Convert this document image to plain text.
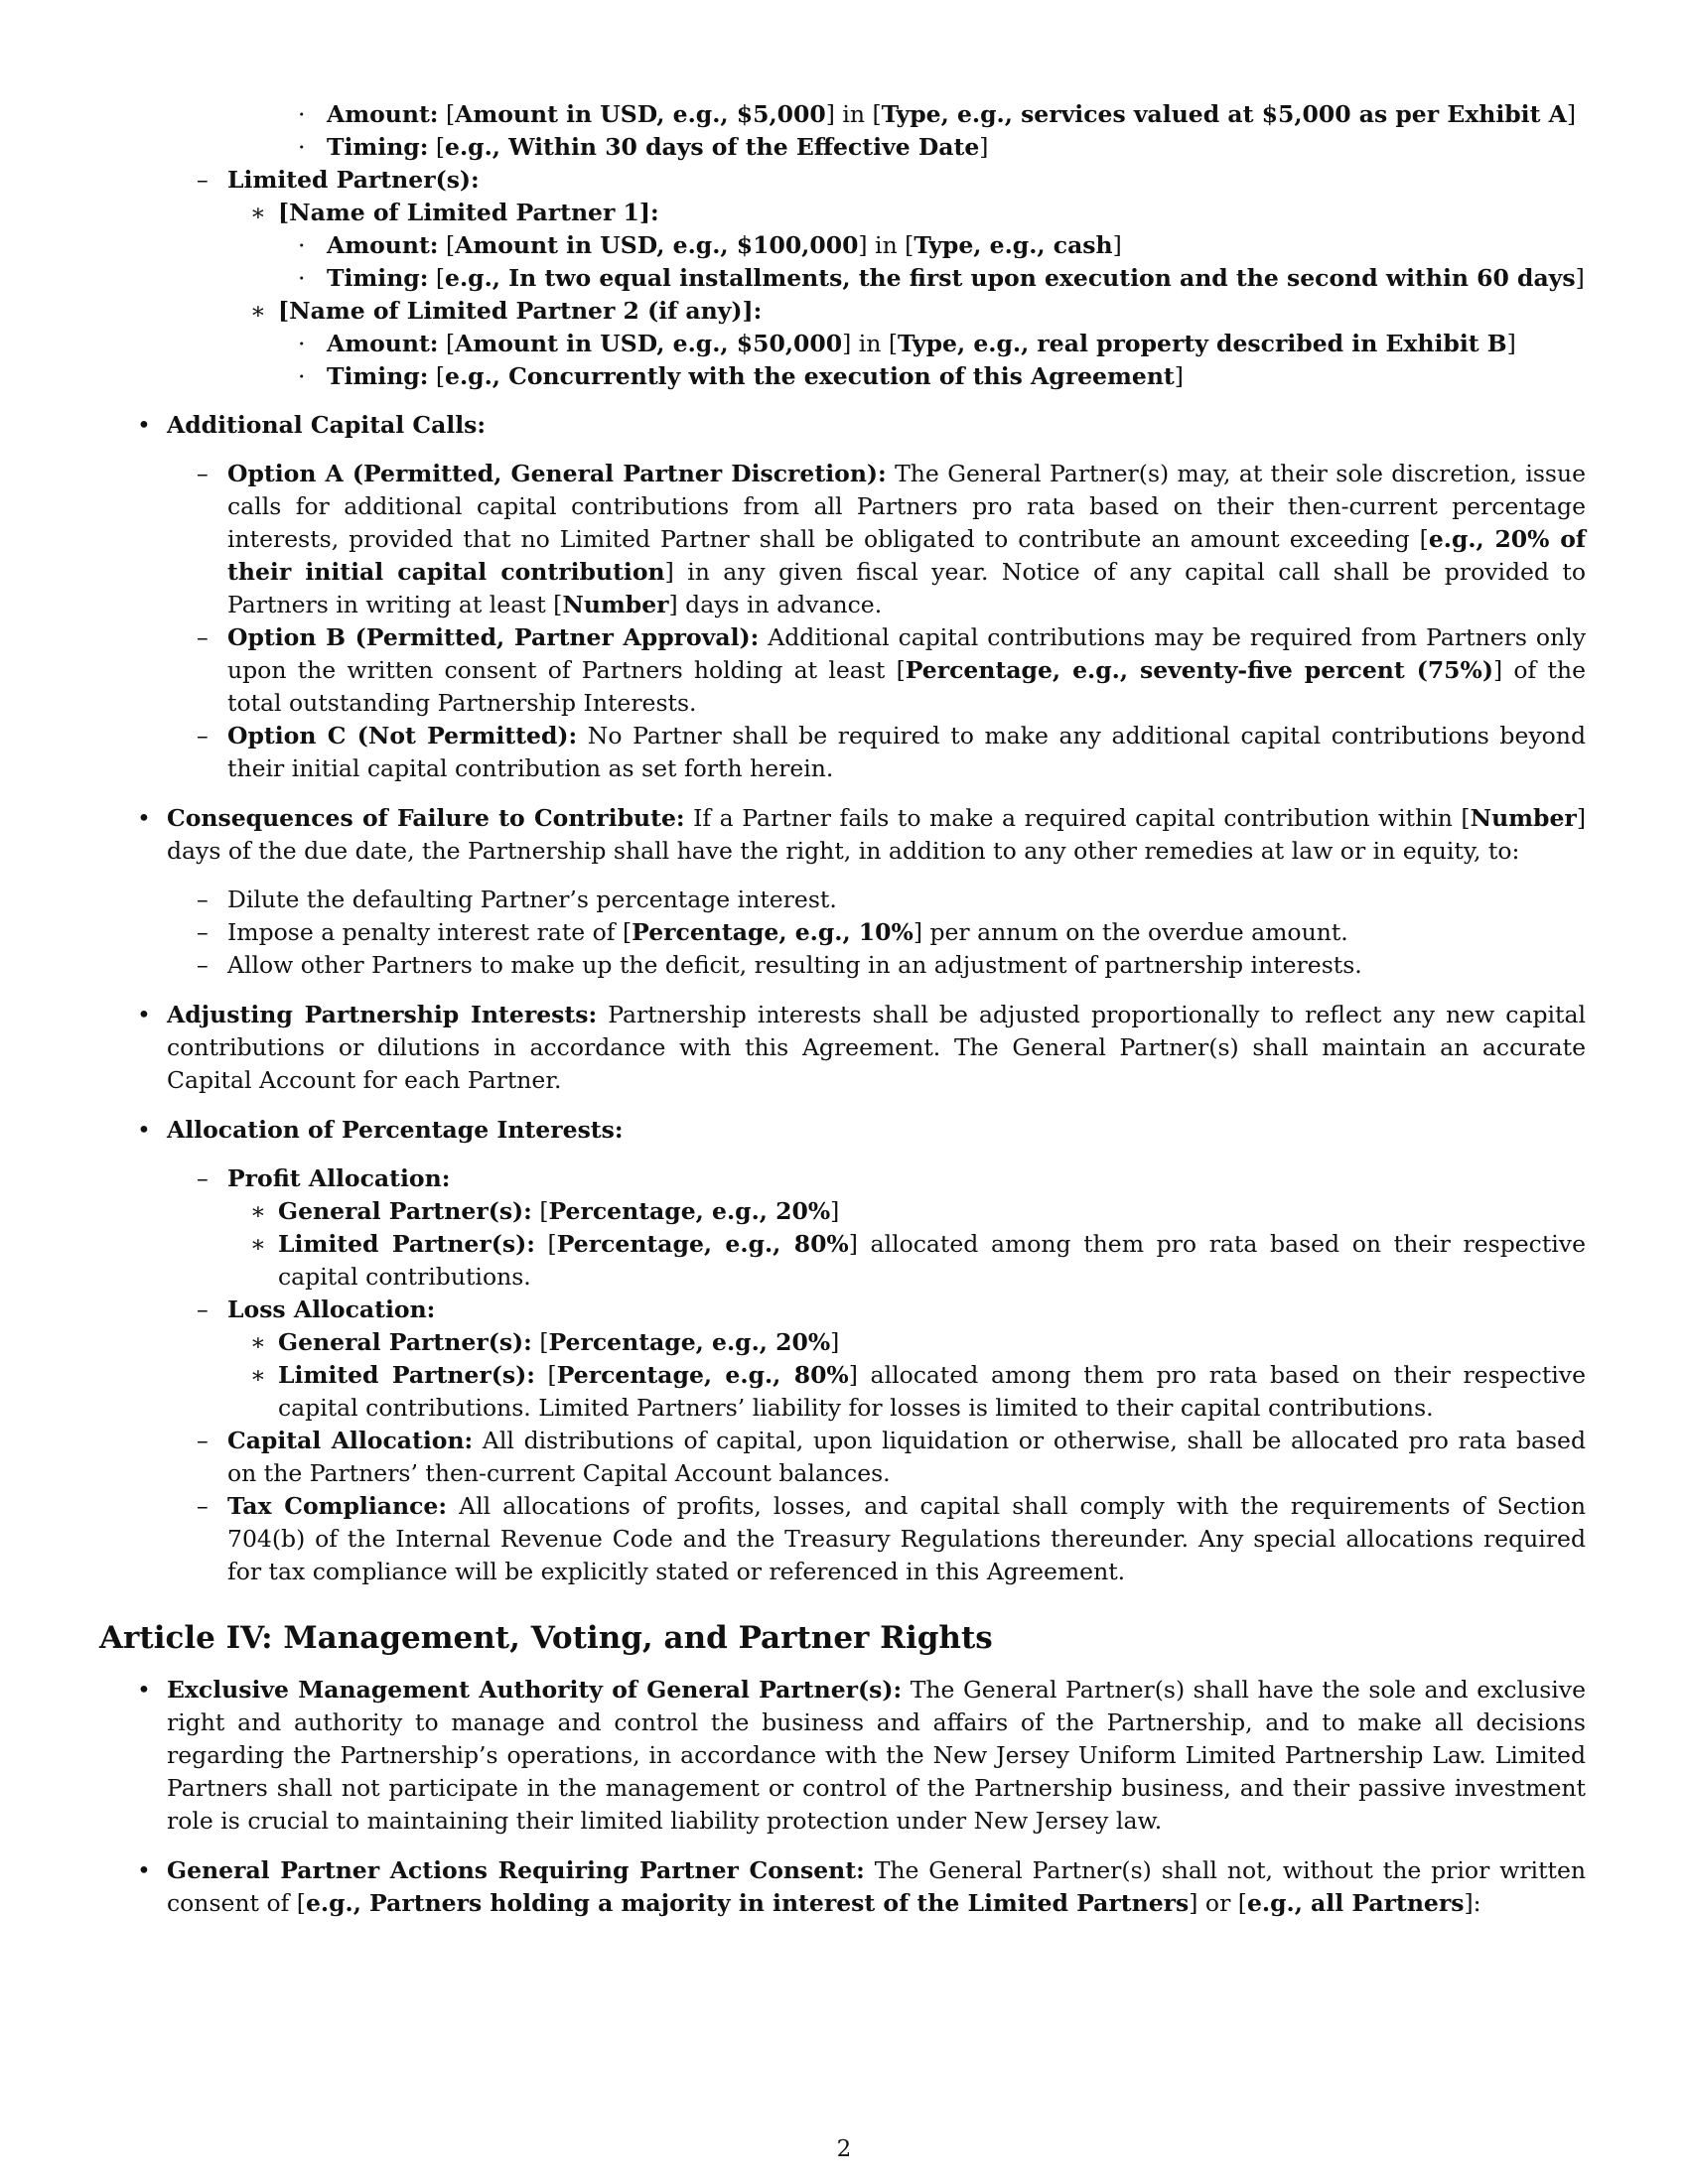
· Amount: [Amount in USD, e.g., $5,000] in [Type, e.g., services valued at $5,000 as per Exhibit A]
· Timing: [e.g., Within 30 days of the Effective Date]
– Limited Partner(s):
∗ [Name of Limited Partner 1]:
· Amount: [Amount in USD, e.g., $100,000] in [Type, e.g., cash]
· Timing: [e.g., In two equal installments, the first upon execution and the second within 60 days]
∗ [Name of Limited Partner 2 (if any)]:
· Amount: [Amount in USD, e.g., $50,000] in [Type, e.g., real property described in Exhibit B]
· Timing: [e.g., Concurrently with the execution of this Agreement]
• Additional Capital Calls:
– Option A (Permitted, General Partner Discretion): The General Partner(s) may, at their sole discretion, issue calls for additional capital contributions from all Partners pro rata based on their then-current percentage interests, provided that no Limited Partner shall be obligated to contribute an amount exceeding [e.g., 20% of their initial capital contribution] in any given fiscal year. Notice of any capital call shall be provided to Partners in writing at least [Number] days in advance.
– Option B (Permitted, Partner Approval): Additional capital contributions may be required from Partners only upon the written consent of Partners holding at least [Percentage, e.g., seventy-five percent (75%)] of the total outstanding Partnership Interests.
– Option C (Not Permitted): No Partner shall be required to make any additional capital contributions beyond their initial capital contribution as set forth herein.
• Consequences of Failure to Contribute: If a Partner fails to make a required capital contribution within [Number] days of the due date, the Partnership shall have the right, in addition to any other remedies at law or in equity, to:
– Dilute the defaulting Partner’s percentage interest.
– Impose a penalty interest rate of [Percentage, e.g., 10%] per annum on the overdue amount.
– Allow other Partners to make up the deficit, resulting in an adjustment of partnership interests.
• Adjusting Partnership Interests: Partnership interests shall be adjusted proportionally to reflect any new capital contributions or dilutions in accordance with this Agreement. The General Partner(s) shall maintain an accurate Capital Account for each Partner.
• Allocation of Percentage Interests:
– Profit Allocation:
∗ General Partner(s): [Percentage, e.g., 20%]
∗ Limited Partner(s): [Percentage, e.g., 80%] allocated among them pro rata based on their respective capital contributions.
– Loss Allocation:
∗ General Partner(s): [Percentage, e.g., 20%]
∗ Limited Partner(s): [Percentage, e.g., 80%] allocated among them pro rata based on their respective capital contributions. Limited Partners’ liability for losses is limited to their capital contributions.
– Capital Allocation: All distributions of capital, upon liquidation or otherwise, shall be allocated pro rata based on the Partners’ then-current Capital Account balances.
– Tax Compliance: All allocations of profits, losses, and capital shall comply with the requirements of Section 704(b) of the Internal Revenue Code and the Treasury Regulations thereunder. Any special allocations required for tax compliance will be explicitly stated or referenced in this Agreement.
Article IV: Management, Voting, and Partner Rights
• Exclusive Management Authority of General Partner(s): The General Partner(s) shall have the sole and exclusive right and authority to manage and control the business and affairs of the Partnership, and to make all decisions regarding the Partnership’s operations, in accordance with the New Jersey Uniform Limited Partnership Law. Limited Partners shall not participate in the management or control of the Partnership business, and their passive investment role is crucial to maintaining their limited liability protection under New Jersey law.
• General Partner Actions Requiring Partner Consent: The General Partner(s) shall not, without the prior written consent of [e.g., Partners holding a majority in interest of the Limited Partners] or [e.g., all Partners]:
2
